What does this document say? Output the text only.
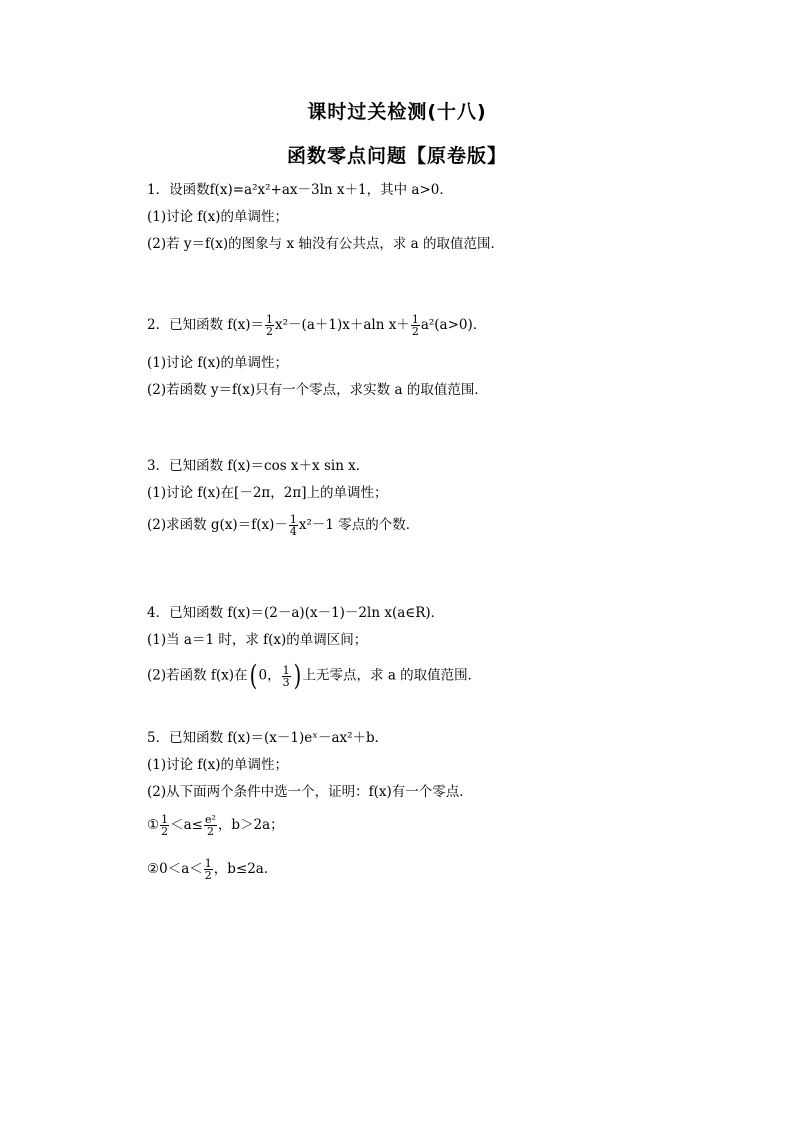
课时过关检测(十八)
函数零点问题【原卷版】
1．设函数f(x)=a²x²+ax－3ln x＋1，其中 a>0．
(1)讨论 f(x)的单调性；
(2)若 y＝f(x)的图象与 x 轴没有公共点，求 a 的取值范围．
2．已知函数 $f(x)= \frac{1}{2} x^2-(a+1)x+aln$ $x+ \frac{1}{2} a^2(a>0)$．
(1)讨论 f(x)的单调性；
(2)若函数 y＝f(x)只有一个零点，求实数 a 的取值范围．
3．已知函数 f(x)＝cos x＋x sin x．
(1)讨论 f(x)在[－2π，2π]上的单调性；
(2)求函数 $g(x)=f(x)- \frac{1}{4} x^2-1$ 零点的个数．
4．已知函数 f(x)＝(2－a)(x－1)－2ln x(a∈R)．
(1)当 a＝1 时，求 f(x)的单调区间；
(2)若函数 f(x)在( 0， $\frac{1}{3}$ ) 上无零点，求 a 的取值范围．
5．已知函数 f(x)＝(x－1)eˣ－ax²＋b．
(1)讨论 f(x)的单调性；
(2)从下面两个条件中选一个，证明：f(x)有一个零点．
① $\frac{1}{2} <a\le \frac{\text{e²}}{2}$ ，b＞2a；
②0＜a＜ $\frac{1}{2}$ ，b≤2a．
